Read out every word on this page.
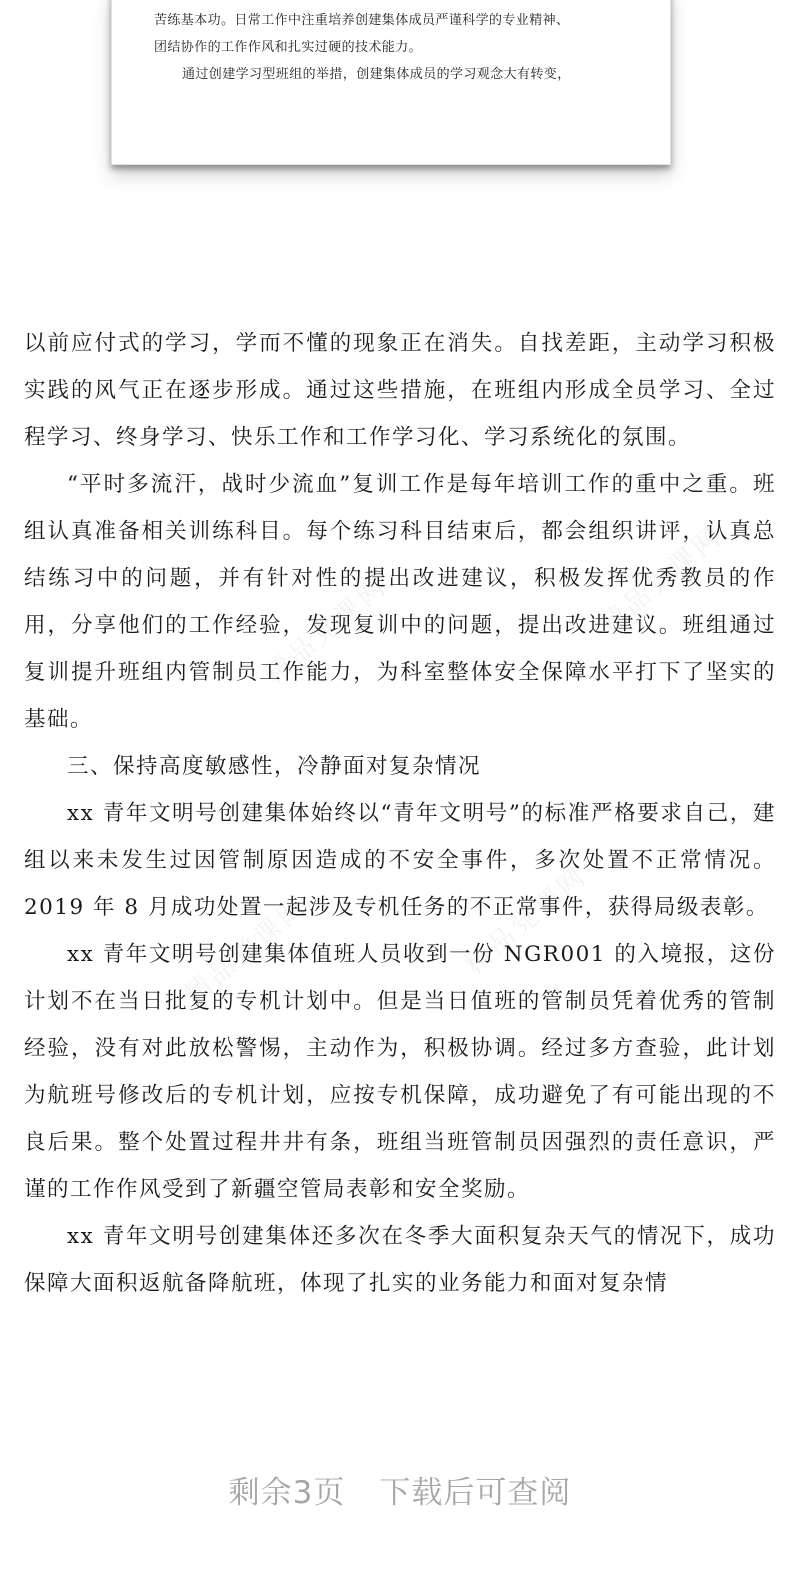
苦练基本功。日常工作中注重培养创建集体成员严谨科学的专业精神、
团结协作的工作作风和扎实过硬的技术能力。
通过创建学习型班组的举措，创建集体成员的学习观念大有转变，
精品党课网
精品党课网
精品党课网	精品党课网

以前应付式的学习，学而不懂的现象正在消失。自找差距，主动学习积极实践的风气正在逐步形成。通过这些措施，在班组内形成全员学习、全过程学习、终身学习、快乐工作和工作学习化、学习系统化的氛围。

“平时多流汗，战时少流血”复训工作是每年培训工作的重中之重。班组认真准备相关训练科目。每个练习科目结束后，都会组织讲评，认真总结练习中的问题，并有针对性的提出改进建议，积极发挥优秀教员的作用，分享他们的工作经验，发现复训中的问题，提出改进建议。班组通过复训提升班组内管制员工作能力，为科室整体安全保障水平打下了坚实的基础。

三、保持高度敏感性，冷静面对复杂情况

xx 青年文明号创建集体始终以“青年文明号”的标准严格要求自己，建组以来未发生过因管制原因造成的不安全事件，多次处置不正常情况。2019 年 8 月成功处置一起涉及专机任务的不正常事件，获得局级表彰。

xx 青年文明号创建集体值班人员收到一份 NGR001 的入境报，这份计划不在当日批复的专机计划中。但是当日值班的管制员凭着优秀的管制经验，没有对此放松警惕，主动作为，积极协调。经过多方查验，此计划为航班号修改后的专机计划，应按专机保障，成功避免了有可能出现的不良后果。整个处置过程井井有条，班组当班管制员因强烈的责任意识，严谨的工作作风受到了新疆空管局表彰和安全奖励。

xx 青年文明号创建集体还多次在冬季大面积复杂天气的情况下，成功保障大面积返航备降航班，体现了扎实的业务能力和面对复杂情

剩余3页 下载后可查阅
